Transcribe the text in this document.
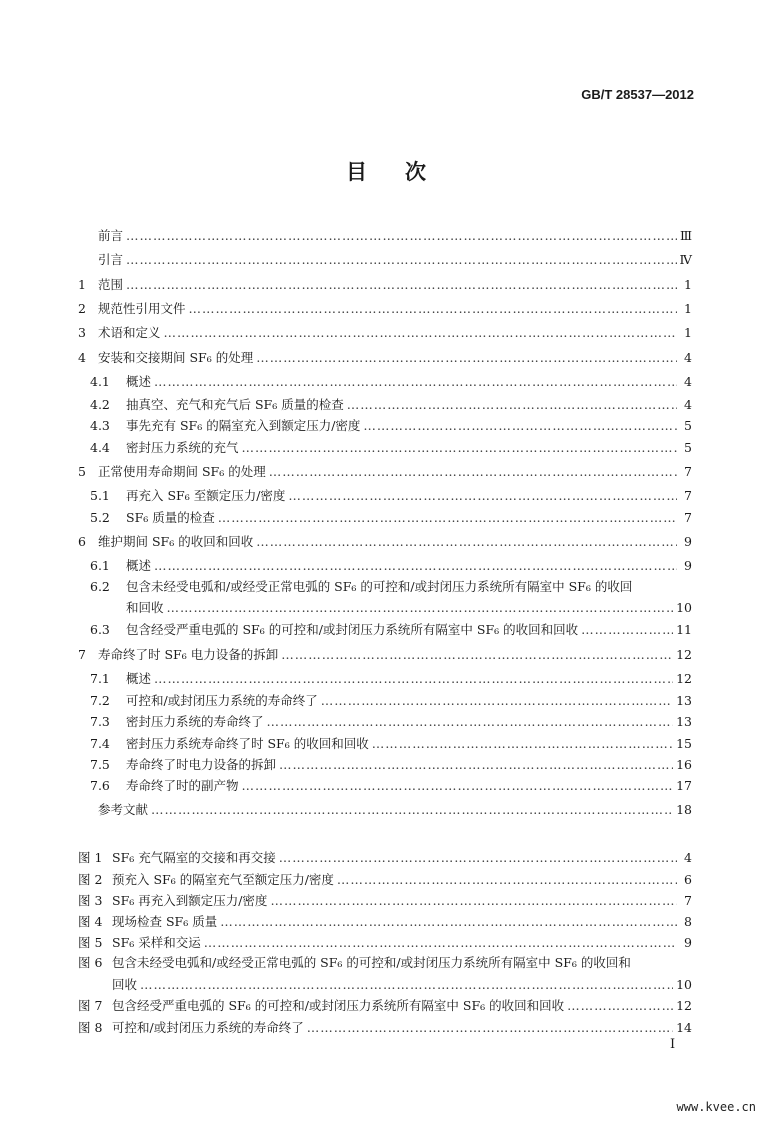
GB/T 28537—2012
目 次
前言 ……………………………………………………………………………………………………………………………………………………………………………	Ⅲ
引言 ……………………………………………………………………………………………………………………………………………………………………………	Ⅳ
1 范围 ……………………………………………………………………………………………………………………………………………………………………………	1
2 规范性引用文件 ……………………………………………………………………………………………………………………………………………………………………………	1
3 术语和定义 ……………………………………………………………………………………………………………………………………………………………………………	1
4 安装和交接期间 SF₆ 的处理 ……………………………………………………………………………………………………………………………………………………………………………	4
4.1	概述 ……………………………………………………………………………………………………………………………………………………………………………	4
4.2	抽真空、充气和充气后 SF₆ 质量的检查 ……………………………………………………………………………………………………………………………………………………………………………	4
4.3	事先充有 SF₆ 的隔室充入到额定压力/密度 ……………………………………………………………………………………………………………………………………………………………………………	5
4.4	密封压力系统的充气 ……………………………………………………………………………………………………………………………………………………………………………	5
5 正常使用寿命期间 SF₆ 的处理 ……………………………………………………………………………………………………………………………………………………………………………	7
5.1	再充入 SF₆ 至额定压力/密度 ……………………………………………………………………………………………………………………………………………………………………………	7
5.2	SF₆ 质量的检查 ……………………………………………………………………………………………………………………………………………………………………………	7
6 维护期间 SF₆ 的收回和回收 ……………………………………………………………………………………………………………………………………………………………………………	9
6.1	概述 ……………………………………………………………………………………………………………………………………………………………………………	9
6.2	包含未经受电弧和/或经受正常电弧的 SF₆ 的可控和/或封闭压力系统所有隔室中 SF₆ 的收回
和回收 ……………………………………………………………………………………………………………………………………………………………………………	10
6.3	包含经受严重电弧的 SF₆ 的可控和/或封闭压力系统所有隔室中 SF₆ 的收回和回收 ……………………………………………………………………………………………………………………………………………………………………………	11
7 寿命终了时 SF₆ 电力设备的拆卸 ……………………………………………………………………………………………………………………………………………………………………………	12
7.1	概述 ……………………………………………………………………………………………………………………………………………………………………………	12
7.2	可控和/或封闭压力系统的寿命终了 ……………………………………………………………………………………………………………………………………………………………………………	13
7.3	密封压力系统的寿命终了 ……………………………………………………………………………………………………………………………………………………………………………	13
7.4	密封压力系统寿命终了时 SF₆ 的收回和回收 ……………………………………………………………………………………………………………………………………………………………………………	15
7.5	寿命终了时电力设备的拆卸 ……………………………………………………………………………………………………………………………………………………………………………	16
7.6	寿命终了时的副产物 ……………………………………………………………………………………………………………………………………………………………………………	17
参考文献 ……………………………………………………………………………………………………………………………………………………………………………	18
图 1 SF₆ 充气隔室的交接和再交接 ……………………………………………………………………………………………………………………………………………………………………………	4
图 2 预充入 SF₆ 的隔室充气至额定压力/密度 ……………………………………………………………………………………………………………………………………………………………………………	6
图 3 SF₆ 再充入到额定压力/密度 ……………………………………………………………………………………………………………………………………………………………………………	7
图 4 现场检查 SF₆ 质量 ……………………………………………………………………………………………………………………………………………………………………………	8
图 5 SF₆ 采样和交运 ……………………………………………………………………………………………………………………………………………………………………………	9
图 6 包含未经受电弧和/或经受正常电弧的 SF₆ 的可控和/或封闭压力系统所有隔室中 SF₆ 的收回和
回收 ……………………………………………………………………………………………………………………………………………………………………………	10
图 7 包含经受严重电弧的 SF₆ 的可控和/或封闭压力系统所有隔室中 SF₆ 的收回和回收 ……………………………………………………………………………………………………………………………………………………………………………	12
图 8 可控和/或封闭压力系统的寿命终了 ……………………………………………………………………………………………………………………………………………………………………………	14
Ⅰ
www.kvee.cn
